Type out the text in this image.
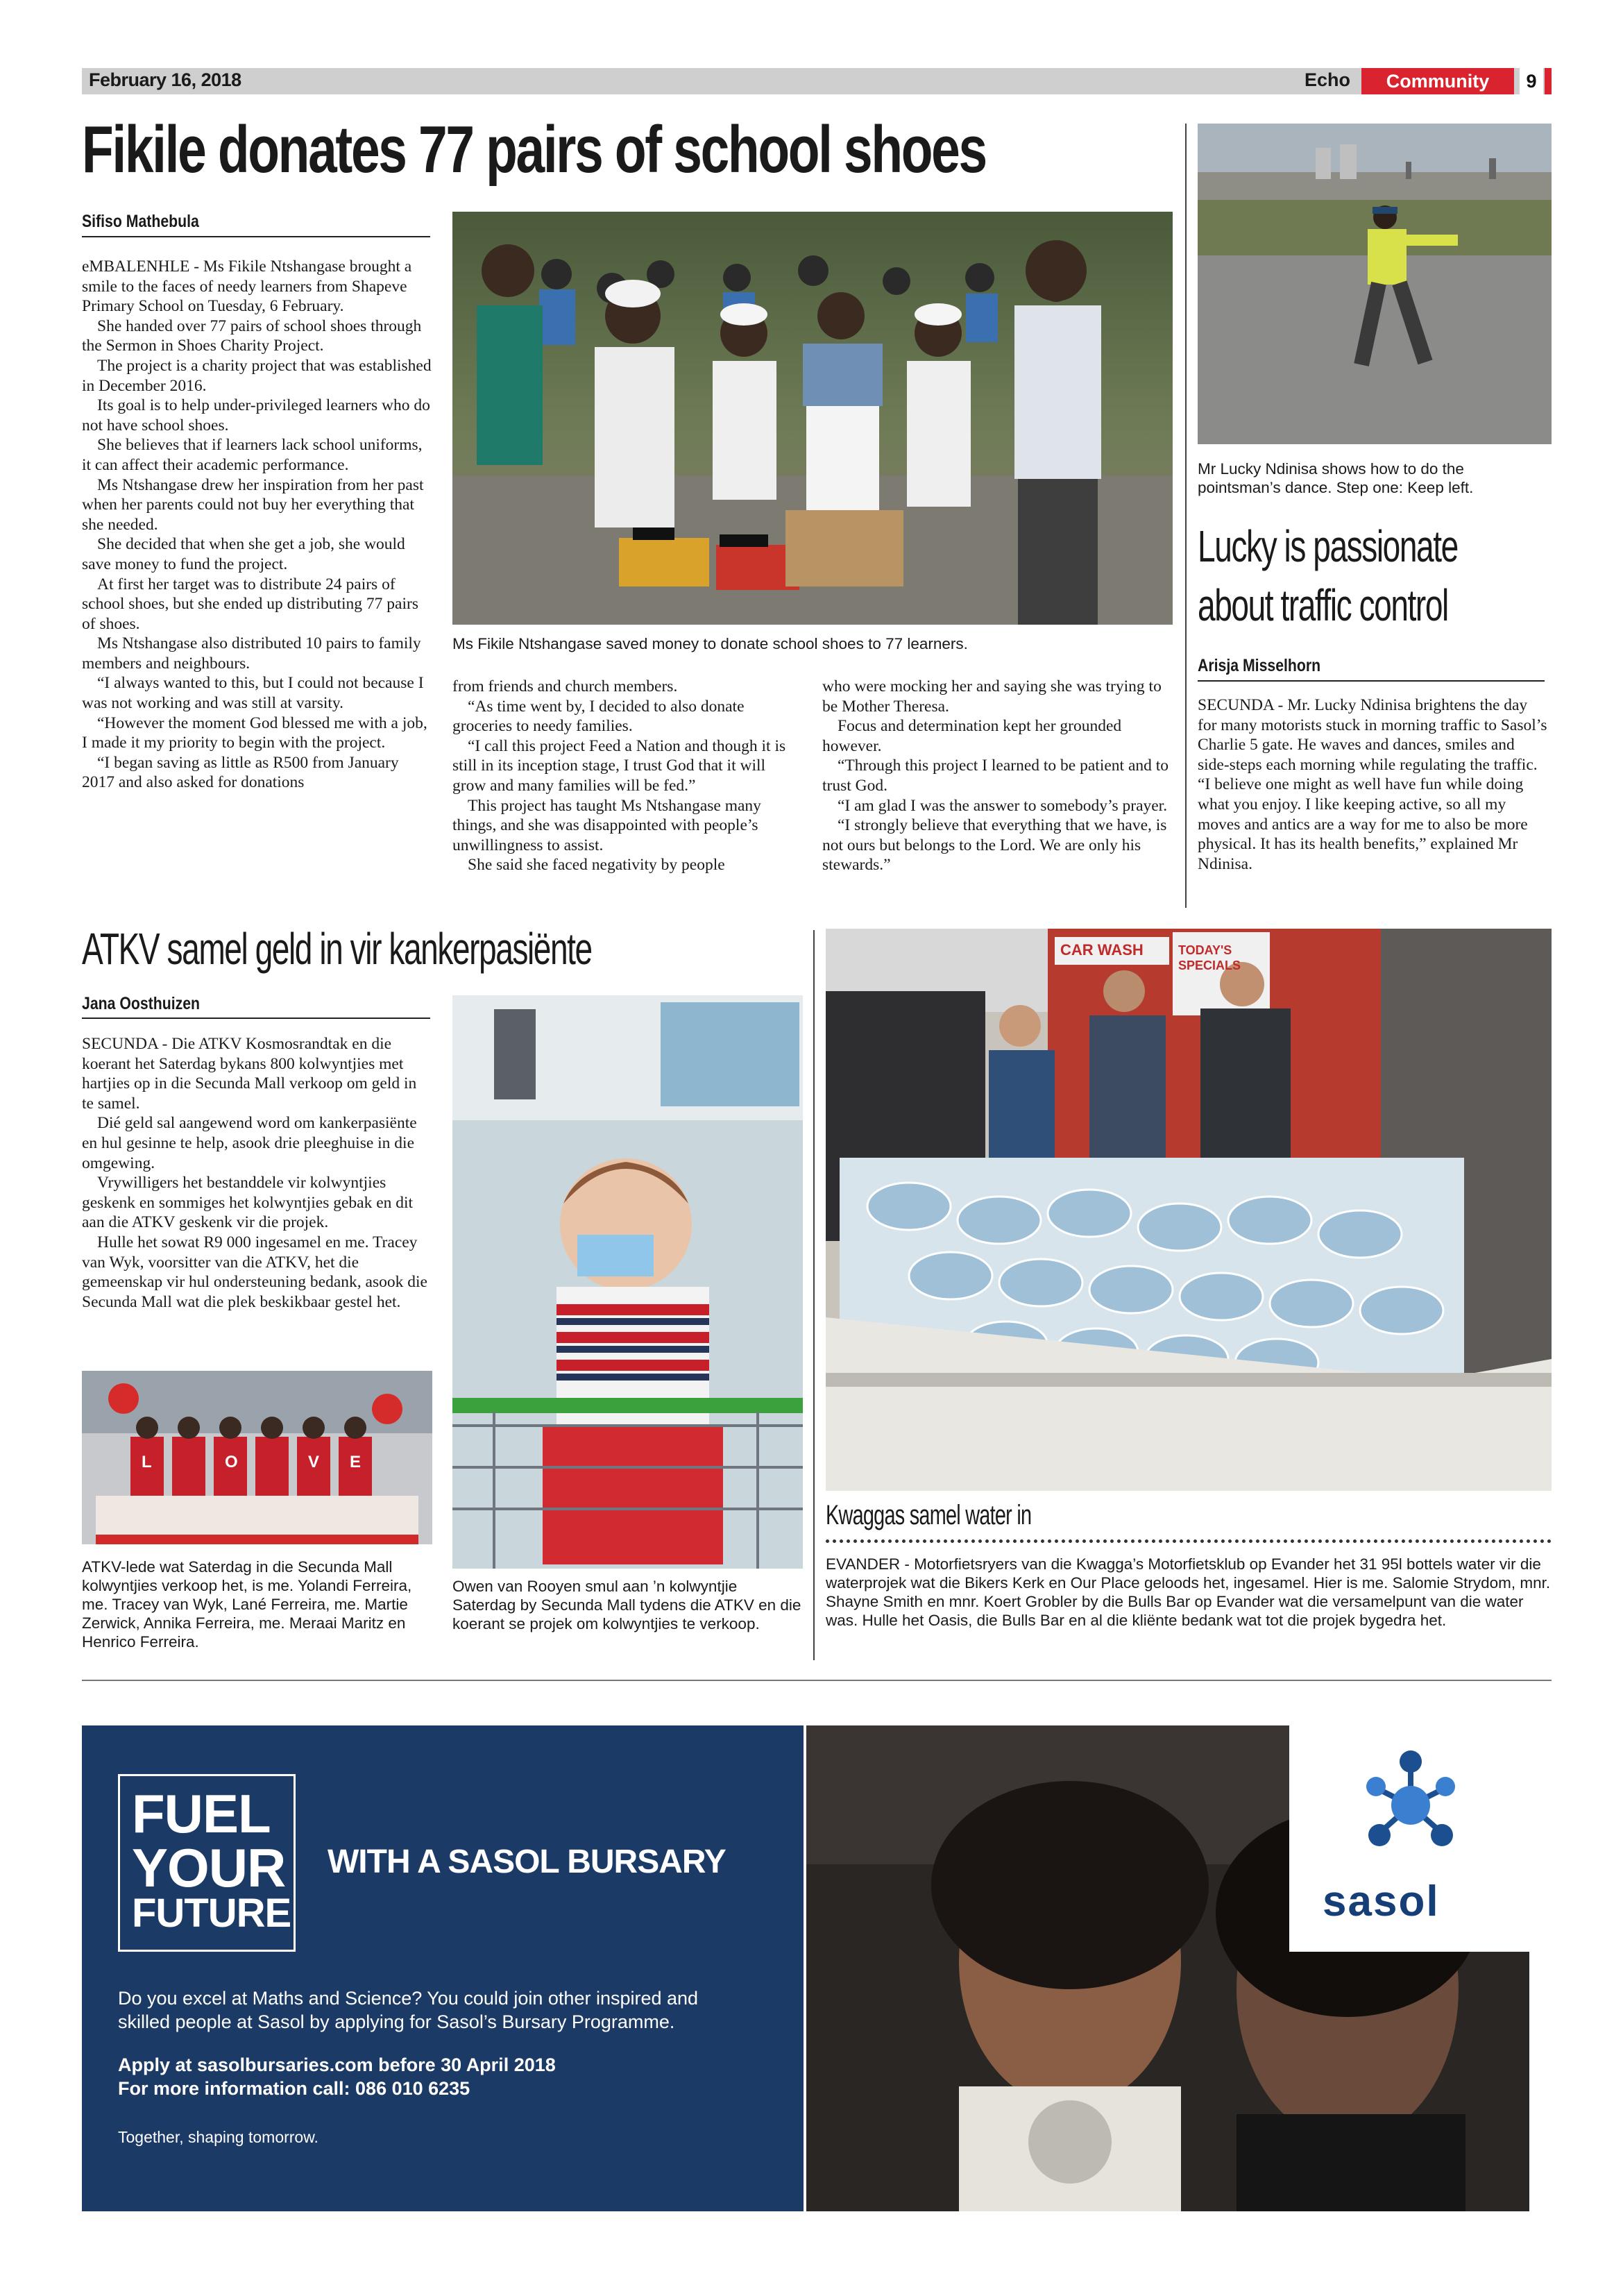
February 16, 2018	Echo	Community	9
Fikile donates 77 pairs of school shoes
Sifiso Mathebula

eMBALENHLE - Ms Fikile Ntshangase brought a smile to the faces of needy learners from Shapeve Primary School on Tuesday, 6 February.

She handed over 77 pairs of school shoes through the Sermon in Shoes Charity Project.

The project is a charity project that was established in December 2016.

Its goal is to help under-privileged learners who do not have school shoes.

She believes that if learners lack school uniforms, it can affect their academic performance.

Ms Ntshangase drew her inspiration from her past when her parents could not buy her everything that she needed.

She decided that when she get a job, she would save money to fund the project.

At first her target was to distribute 24 pairs of school shoes, but she ended up distributing 77 pairs of shoes.

Ms Ntshangase also distributed 10 pairs to family members and neighbours.

“I always wanted to this, but I could not because I was not working and was still at varsity.

“However the moment God blessed me with a job, I made it my priority to begin with the project.

“I began saving as little as R500 from January 2017 and also asked for donations

Ms Fikile Ntshangase saved money to donate school shoes to 77 learners.

from friends and church members.

“As time went by, I decided to also donate groceries to needy families.

“I call this project Feed a Nation and though it is still in its inception stage, I trust God that it will grow and many families will be fed.”

This project has taught Ms Ntshangase many things, and she was disappointed with people’s unwillingness to assist.

She said she faced negativity by people

who were mocking her and saying she was trying to be Mother Theresa.

Focus and determination kept her grounded however.

“Through this project I learned to be patient and to trust God.

“I am glad I was the answer to somebody’s prayer.

“I strongly believe that everything that we have, is not ours but belongs to the Lord. We are only his stewards.”

Mr Lucky Ndinisa shows how to do the pointsman’s dance. Step one: Keep left.
Lucky is passionate
about traffic control
Arisja Misselhorn

SECUNDA - Mr. Lucky Ndinisa brightens the day for many motorists stuck in morning traffic to Sasol’s Charlie 5 gate. He waves and dances, smiles and side-steps each morning while regulating the traffic. “I believe one might as well have fun while doing what you enjoy. I like keeping active, so all my moves and antics are a way for me to also be more physical. It has its health benefits,” explained Mr Ndinisa.

ATKV samel geld in vir kankerpasiënte
Jana Oosthuizen

SECUNDA - Die ATKV Kosmosrandtak en die koerant het Saterdag bykans 800 kolwyntjies met hartjies op in die Secunda Mall verkoop om geld in te samel.

Dié geld sal aangewend word om kankerpasiënte en hul gesinne te help, asook drie pleeghuise in die omgewing.

Vrywilligers het bestanddele vir kolwyntjies geskenk en sommiges het kolwyntjies gebak en dit aan die ATKV geskenk vir die projek.

Hulle het sowat R9 000 ingesamel en me. Tracey van Wyk, voorsitter van die ATKV, het die gemeenskap vir hul ondersteuning bedank, asook die Secunda Mall wat die plek beskikbaar gestel het.

L	O	V E
ATKV-lede wat Saterdag in die Secunda Mall kolwyntjies verkoop het, is me. Yolandi Ferreira, me. Tracey van Wyk, Lané Ferreira, me. Martie Zerwick, Annika Ferreira, me. Meraai Maritz en Henrico Ferreira.
Owen van Rooyen smul aan ’n kolwyntjie Saterdag by Secunda Mall tydens die ATKV en die koerant se projek om kolwyntjies te verkoop.
CAR WASH	TODAY'S SPECIALS
Kwaggas samel water in
EVANDER - Motorfietsryers van die Kwagga’s Motorfietsklub op Evander het 31 95l bottels water vir die waterprojek wat die Bikers Kerk en Our Place geloods het, ingesamel. Hier is me. Salomie Strydom, mnr. Shayne Smith en mnr. Koert Grobler by die Bulls Bar op Evander wat die versamelpunt van die water was. Hulle het Oasis, die Bulls Bar en al die kliënte bedank wat tot die projek bygedra het.
FUEL
YOUR
FUTURE
WITH A SASOL BURSARY
Do you excel at Maths and Science? You could join other inspired and
skilled people at Sasol by applying for Sasol’s Bursary Programme.
Apply at sasolbursaries.com before 30 April 2018
For more information call: 086 010 6235
Together, shaping tomorrow.
sasol
